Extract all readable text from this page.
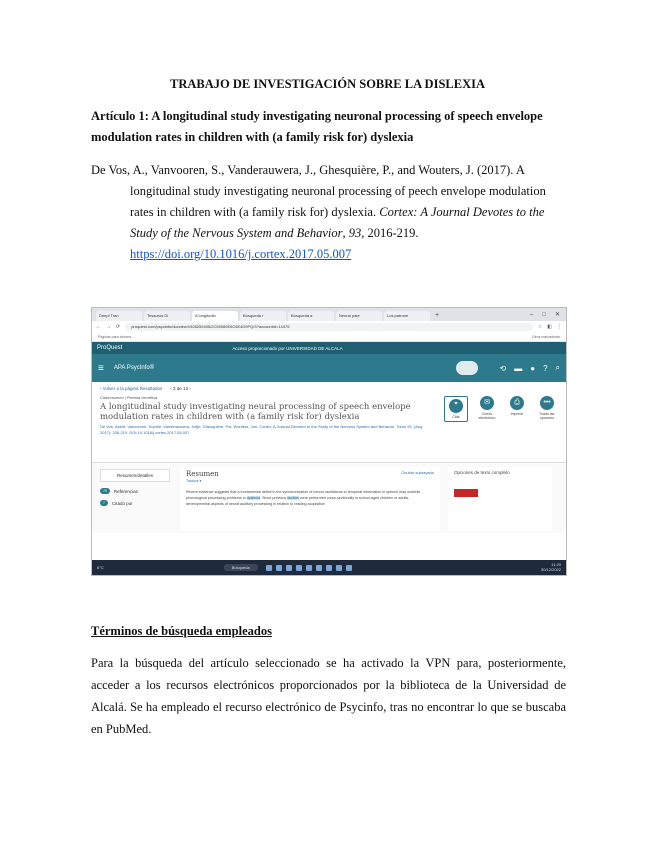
TRABAJO DE INVESTIGACIÓN SOBRE LA DISLEXIA
Artículo 1: A longitudinal study investigating neuronal processing of speech envelope modulation rates in children with (a family risk for) dyslexia
De Vos, A., Vanvooren, S., Vanderauwera, J., Ghesquière, P., and Wouters, J. (2017). A longitudinal study investigating neuronal processing of peech envelope modulation rates in children with (a family risk for) dyslexia. Cortex: A Journal Devotes to the Study of the Nervous System and Behavior, 93, 2016-219.
https://doi.org/10.1016/j.cortex.2017.05.007
Deepl Tran	Tesauros Di	A longitudin	Búsqueda r	Búsqueda a	Neural pate	Los patrone	+	– □ ✕
← → ⟳	proquest.com/psycinfo/docview/1928259405/2C59080E6C6E4D9PQ/3?accountid=14475	☆ ◧ ⋮
Páginas para informe...	Otros marcadores
ProQuest	Acceso proporcionado por UNIVERSIDAD DE ALCALA
≡ APA PsycInfo®	⟲ ▬ ● ? ⌕
‹ Volver a la página Resultados ‹ 3 de 13 ›
Cita/resumen | Revista científica
A longitudinal study investigating neural processing of speech envelope modulation rates in children with (a family risk for) dyslexia
De Vos, Astrid; Vanvooren, Sophie; Vanderauwera, Jolijn; Ghesquière, Pol; Wouters, Jan. Cortex; A Journal Devoted to the Study of the Nervous System and Behavior. Tomo 93, (Aug 2017): 206-219. DOI:10.1016/j.cortex.2017.05.007
❞
Citar
✉
Correo electrónico
⎙
Imprimir
•••
Todas las opciones
Resumen/detalles
70	Referencias
7	Citado por
Resumen	Ocultar subrayado
Traducir ▾
Recent evidence suggests that a fundamental deficit in the synchronization of neural oscillations to temporal information in speech may underlie phonological processing problems in dyslexia. Since previous studies were performed cross-sectionally in school-aged children or adults, developmental aspects of neural auditory processing in relation to reading acquisition
Opciones de texto completo
6°C	Búsqueda
11:20
30/12/2022
Términos de búsqueda empleados
Para la búsqueda del artículo seleccionado se ha activado la VPN para, posteriormente, acceder a los recursos electrónicos proporcionados por la biblioteca de la Universidad de Alcalá. Se ha empleado el recurso electrónico de Psycinfo, tras no encontrar lo que se buscaba en PubMed.
